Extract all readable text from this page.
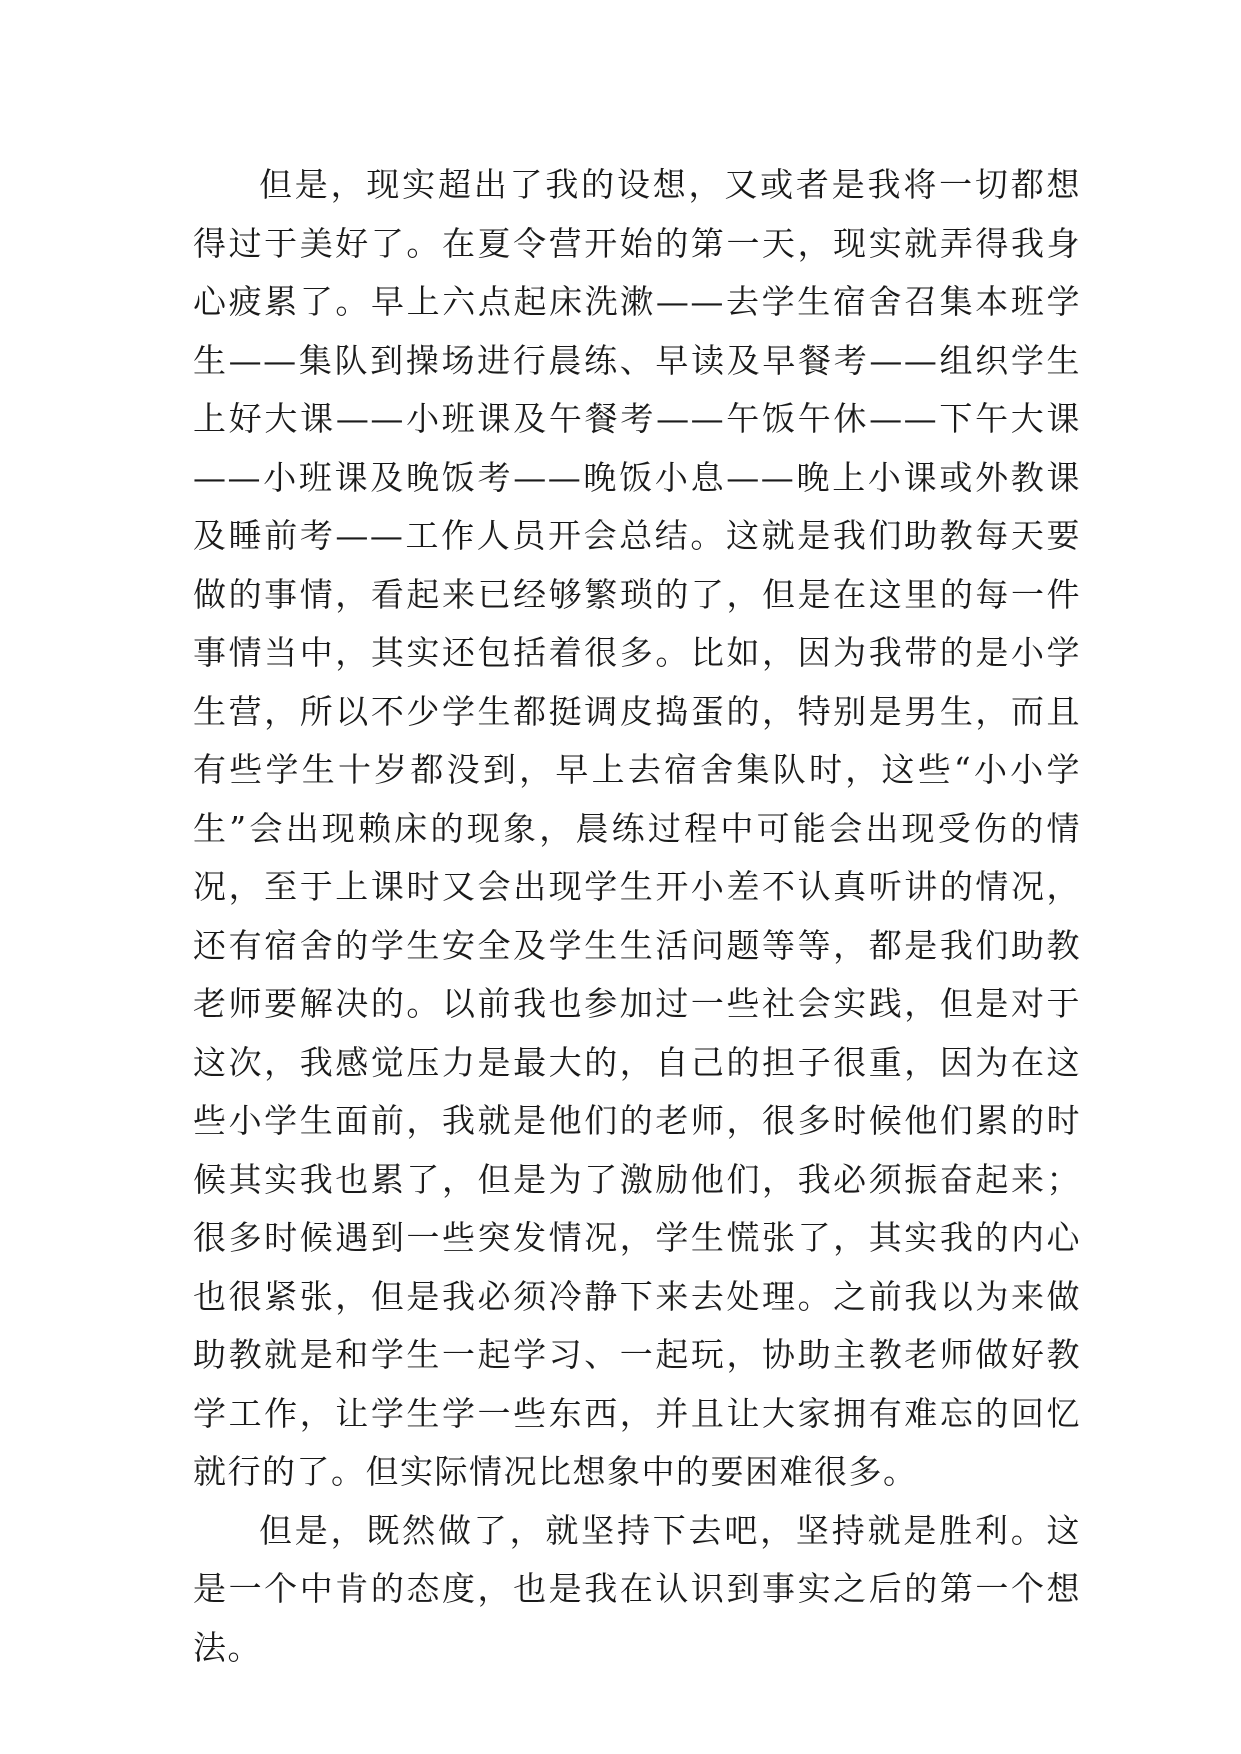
但是，现实超出了我的设想，又或者是我将一切都想得过于美好了。在夏令营开始的第一天，现实就弄得我身心疲累了。早上六点起床洗漱——去学生宿舍召集本班学生——集队到操场进行晨练、早读及早餐考——组织学生上好大课——小班课及午餐考——午饭午休——下午大课——小班课及晚饭考——晚饭小息——晚上小课或外教课及睡前考——工作人员开会总结。这就是我们助教每天要做的事情，看起来已经够繁琐的了，但是在这里的每一件事情当中，其实还包括着很多。比如，因为我带的是小学生营，所以不少学生都挺调皮捣蛋的，特别是男生，而且有些学生十岁都没到，早上去宿舍集队时，这些“小小学生”会出现赖床的现象，晨练过程中可能会出现受伤的情况，至于上课时又会出现学生开小差不认真听讲的情况，还有宿舍的学生安全及学生生活问题等等，都是我们助教老师要解决的。以前我也参加过一些社会实践，但是对于这次，我感觉压力是最大的，自己的担子很重，因为在这些小学生面前，我就是他们的老师，很多时候他们累的时候其实我也累了，但是为了激励他们，我必须振奋起来；很多时候遇到一些突发情况，学生慌张了，其实我的内心也很紧张，但是我必须冷静下来去处理。之前我以为来做助教就是和学生一起学习、一起玩，协助主教老师做好教学工作，让学生学一些东西，并且让大家拥有难忘的回忆就行的了。但实际情况比想象中的要困难很多。

但是，既然做了，就坚持下去吧，坚持就是胜利。这是一个中肯的态度，也是我在认识到事实之后的第一个想法。
